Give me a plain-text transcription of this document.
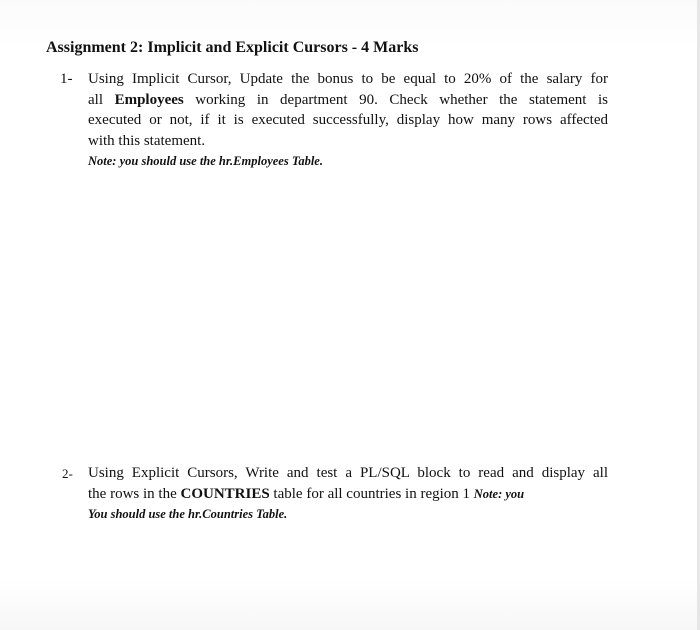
Assignment 2: Implicit and Explicit Cursors - 4 Marks
1- Using Implicit Cursor, Update the bonus to be equal to 20% of the salary for
all Employees working in department 90. Check whether the statement is
executed or not, if it is executed successfully, display how many rows affected
with this statement.
Note: you should use the hr.Employees Table.
2- Using Explicit Cursors, Write and test a PL/SQL block to read and display all
the rows in the COUNTRIES table for all countries in region 1 Note: you
You should use the hr.Countries Table.
